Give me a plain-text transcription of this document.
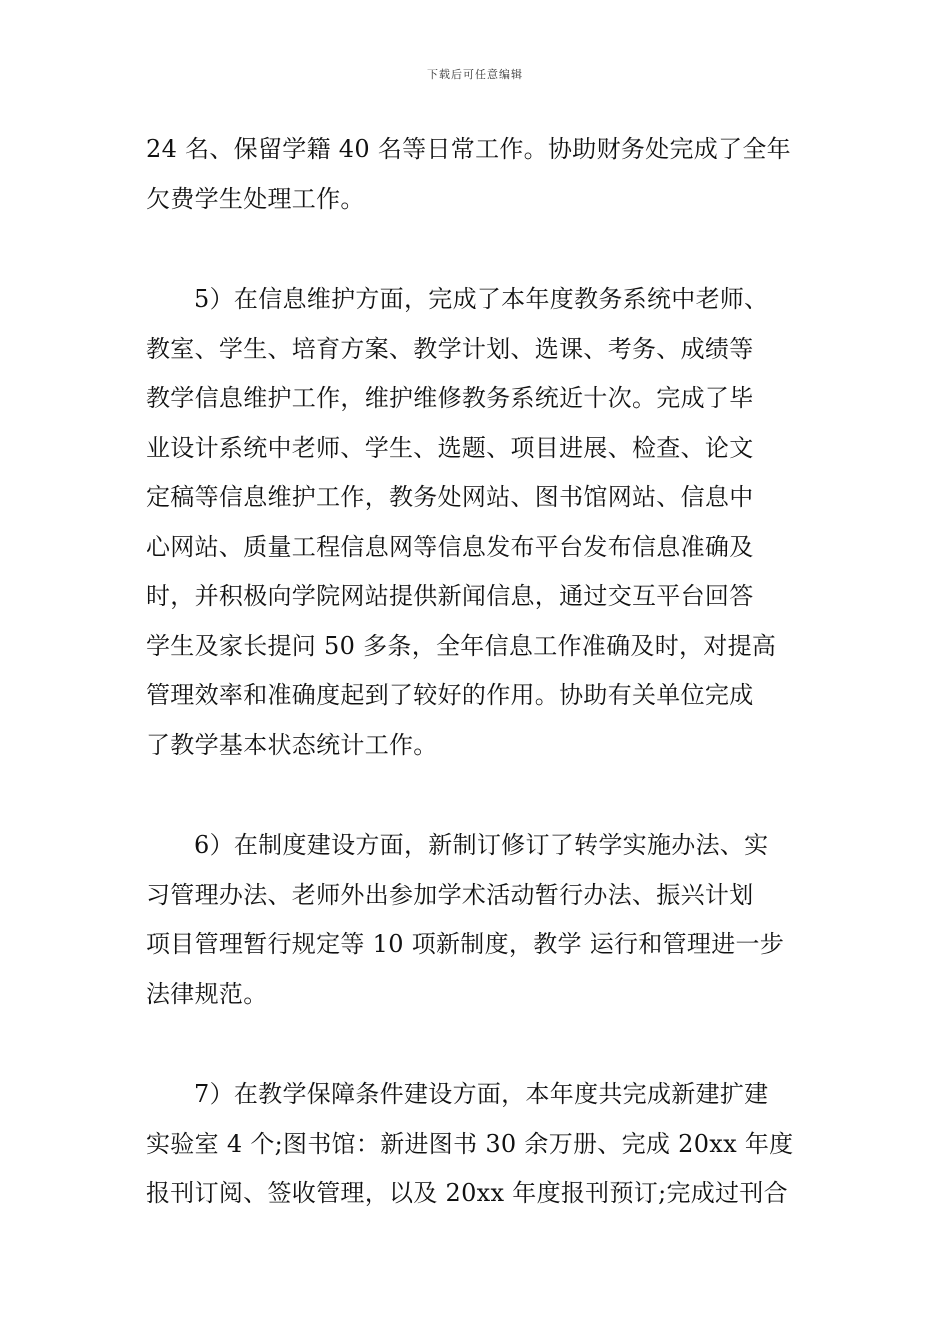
下载后可任意编辑
24 名、保留学籍 40 名等日常工作。协助财务处完成了全年
欠费学生处理工作。
5）在信息维护方面，完成了本年度教务系统中老师、
教室、学生、培育方案、教学计划、选课、考务、成绩等
教学信息维护工作，维护维修教务系统近十次。完成了毕
业设计系统中老师、学生、选题、项目进展、检查、论文
定稿等信息维护工作，教务处网站、图书馆网站、信息中
心网站、质量工程信息网等信息发布平台发布信息准确及
时，并积极向学院网站提供新闻信息，通过交互平台回答
学生及家长提问 50 多条，全年信息工作准确及时，对提高
管理效率和准确度起到了较好的作用。协助有关单位完成
了教学基本状态统计工作。
6）在制度建设方面，新制订修订了转学实施办法、实
习管理办法、老师外出参加学术活动暂行办法、振兴计划
项目管理暂行规定等 10 项新制度，教学 运行和管理进一步
法律规范。
7）在教学保障条件建设方面，本年度共完成新建扩建
实验室 4 个;图书馆：新进图书 30 余万册、完成 20xx 年度
报刊订阅、签收管理，以及 20xx 年度报刊预订;完成过刊合
